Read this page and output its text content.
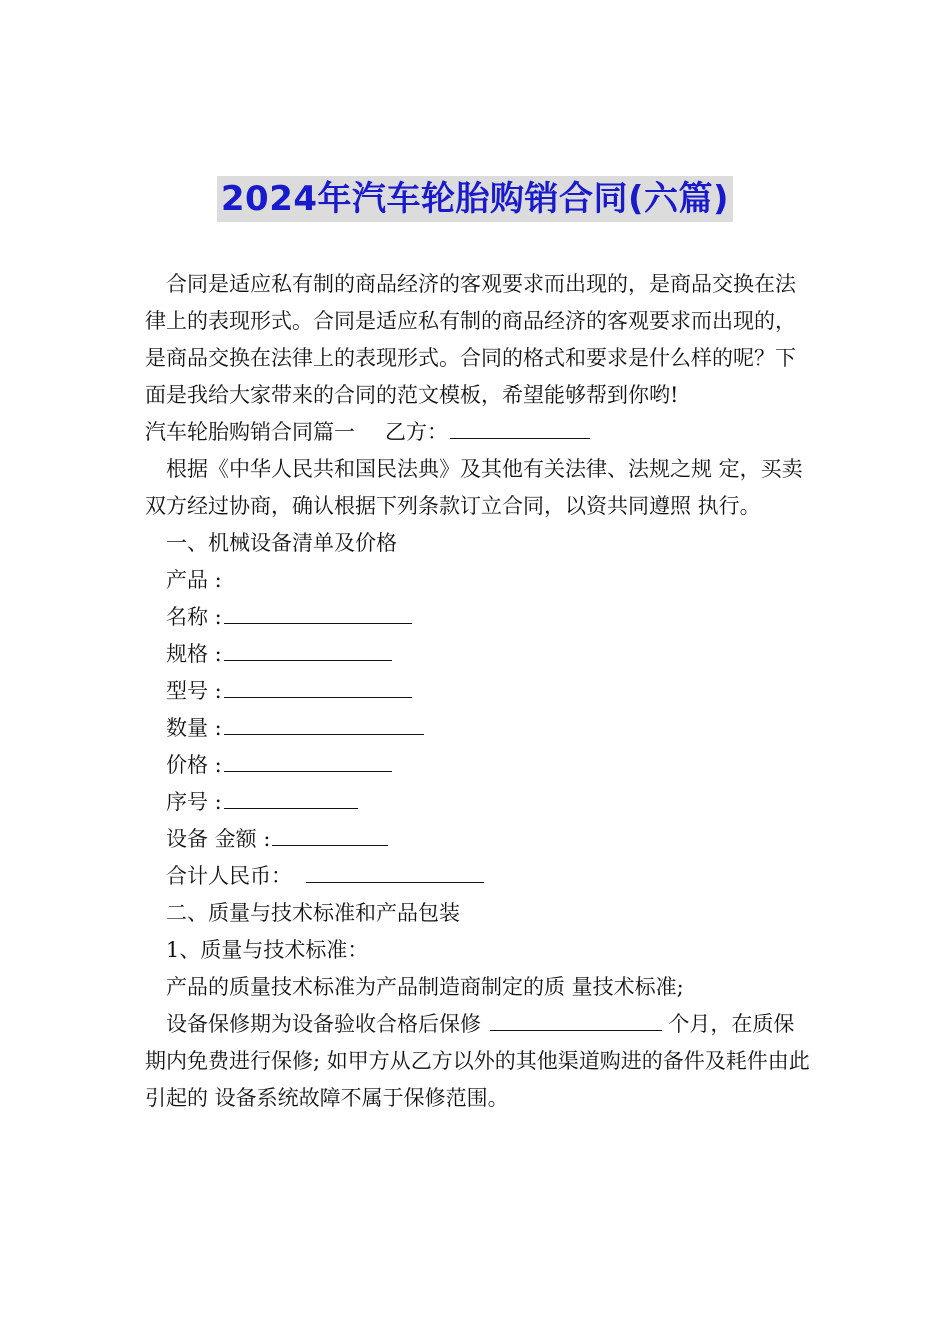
2024年汽车轮胎购销合同(六篇)

合同是适应私有制的商品经济的客观要求而出现的，是商品交换在法律上的表现形式。合同是适应私有制的商品经济的客观要求而出现的，是商品交换在法律上的表现形式。合同的格式和要求是什么样的呢？下面是我给大家带来的合同的范文模板，希望能够帮到你哟!

汽车轮胎购销合同篇一 乙方：

根据《中华人民共和国民法典》及其他有关法律、法规之规 定，买卖双方经过协商，确认根据下列条款订立合同，以资共同遵照 执行。

一、机械设备清单及价格

产品 :

名称 :

规格 :

型号 :

数量 :

价格 :

序号 :

设备 金额 :

合计人民币：

二、质量与技术标准和产品包装

1、质量与技术标准：

产品的质量技术标准为产品制造商制定的质 量技术标准;

设备保修期为设备验收合格后保修	个月，在质保期内免费进行保修; 如甲方从乙方以外的其他渠道购进的备件及耗件由此引起的 设备系统故障不属于保修范围。
